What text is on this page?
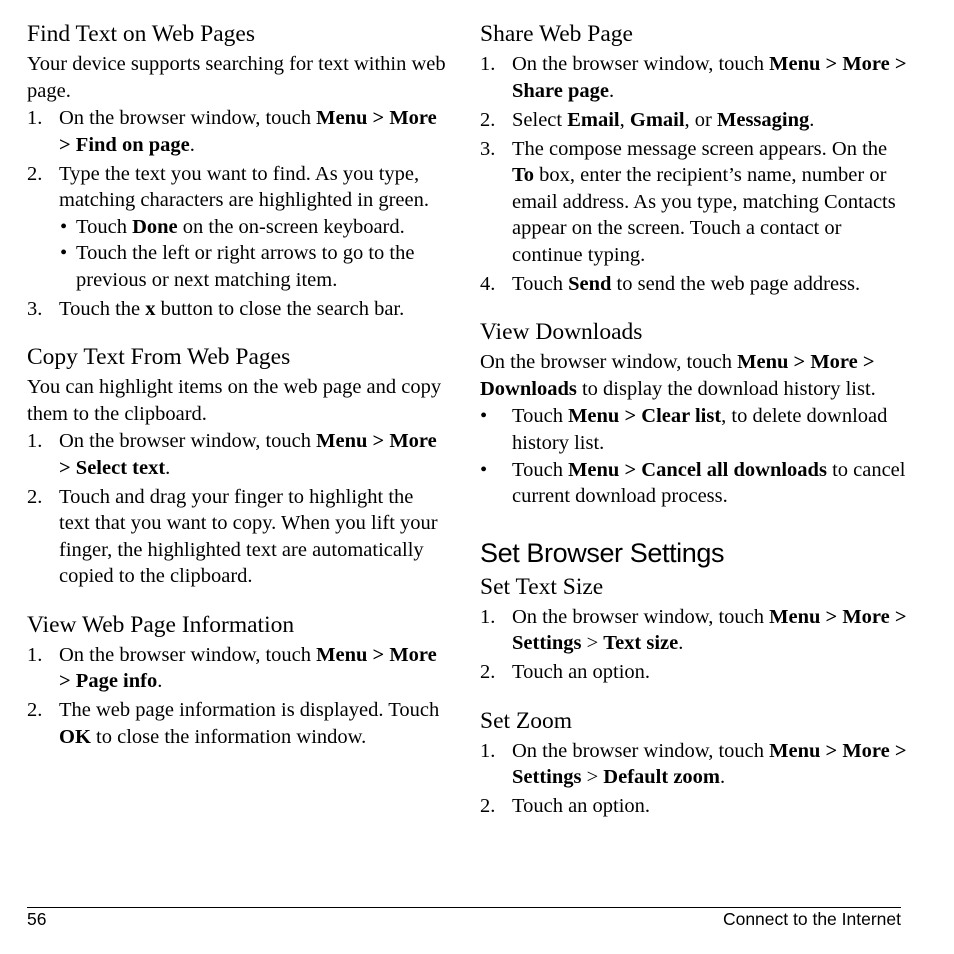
Find Text on Web Pages

Your device supports searching for text within web page.

1. On the browser window, touch Menu > More > Find on page.
2. Type the text you want to find. As you type, matching characters are highlighted in green.
• Touch Done on the on-screen keyboard.
• Touch the left or right arrows to go to the previous or next matching item.
3. Touch the x button to close the search bar.
Copy Text From Web Pages

You can highlight items on the web page and copy them to the clipboard.

1. On the browser window, touch Menu > More > Select text.
2. Touch and drag your finger to highlight the text that you want to copy. When you lift your finger, the highlighted text are automatically copied to the clipboard.
View Web Page Information
1. On the browser window, touch Menu > More > Page info.
2. The web page information is displayed. Touch OK to close the information window.
Share Web Page
1. On the browser window, touch Menu > More > Share page.
2. Select Email, Gmail, or Messaging.
3. The compose message screen appears. On the To box, enter the recipient’s name, number or email address. As you type, matching Contacts appear on the screen. Touch a contact or continue typing.
4. Touch Send to send the web page address.
View Downloads

On the browser window, touch Menu > More > Downloads to display the download history list.

• Touch Menu > Clear list, to delete download history list.
• Touch Menu > Cancel all downloads to cancel current download process.
Set Browser Settings
Set Text Size
1. On the browser window, touch Menu > More > Settings > Text size.
2. Touch an option.
Set Zoom
1. On the browser window, touch Menu > More > Settings > Default zoom.
2. Touch an option.
56	Connect to the Internet
